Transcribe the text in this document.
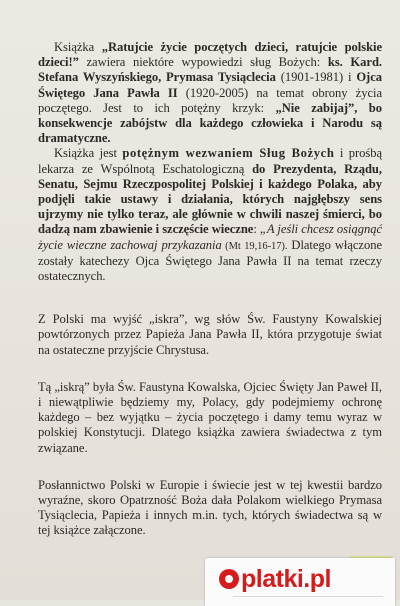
Książka „Ratujcie życie poczętych dzieci, ratujcie polskie dzieci!” zawiera niektóre wypowiedzi sług Bożych: ks. Kard. Stefana Wyszyńskiego, Prymasa Tysiąclecia (1901-1981) i Ojca Świętego Jana Pawła II (1920-2005) na temat obrony życia poczętego. Jest to ich potężny krzyk: „Nie zabijaj”, bo konsekwencje zabójstw dla każdego człowieka i Narodu są dramatyczne.

Książka jest potężnym wezwaniem Sług Bożych i prośbą lekarza ze Wspólnotą Eschatologiczną do Prezydenta, Rządu, Senatu, Sejmu Rzeczpospolitej Polskiej i każdego Polaka, aby podjęli takie ustawy i działania, których najgłębszy sens ujrzymy nie tylko teraz, ale głównie w chwili naszej śmierci, bo dadzą nam zbawienie i szczęście wieczne: „A jeśli chcesz osiągnąć życie wieczne zachowaj przykazania (Mt 19,16-17). Dlatego włączone zostały katechezy Ojca Świętego Jana Pawła II na temat rzeczy ostatecznych.

Z Polski ma wyjść „iskra”, wg słów Św. Faustyny Kowalskiej powtórzonych przez Papieża Jana Pawła II, która przygotuje świat na ostateczne przyjście Chrystusa.

Tą „iskrą” była Św. Faustyna Kowalska, Ojciec Święty Jan Paweł II, i niewątpliwie będziemy my, Polacy, gdy podejmiemy ochronę każdego – bez wyjątku – życia poczętego i damy temu wyraz w polskiej Konstytucji. Dlatego książka zawiera świadectwa z tym związane.

Posłannictwo Polski w Europie i świecie jest w tej kwestii bardzo wyraźne, skoro Opatrzność Boża dała Polakom wielkiego Prymasa Tysiąclecia, Papieża i innych m.in. tych, których świadectwa są w tej książce załączone.

platki.pl
